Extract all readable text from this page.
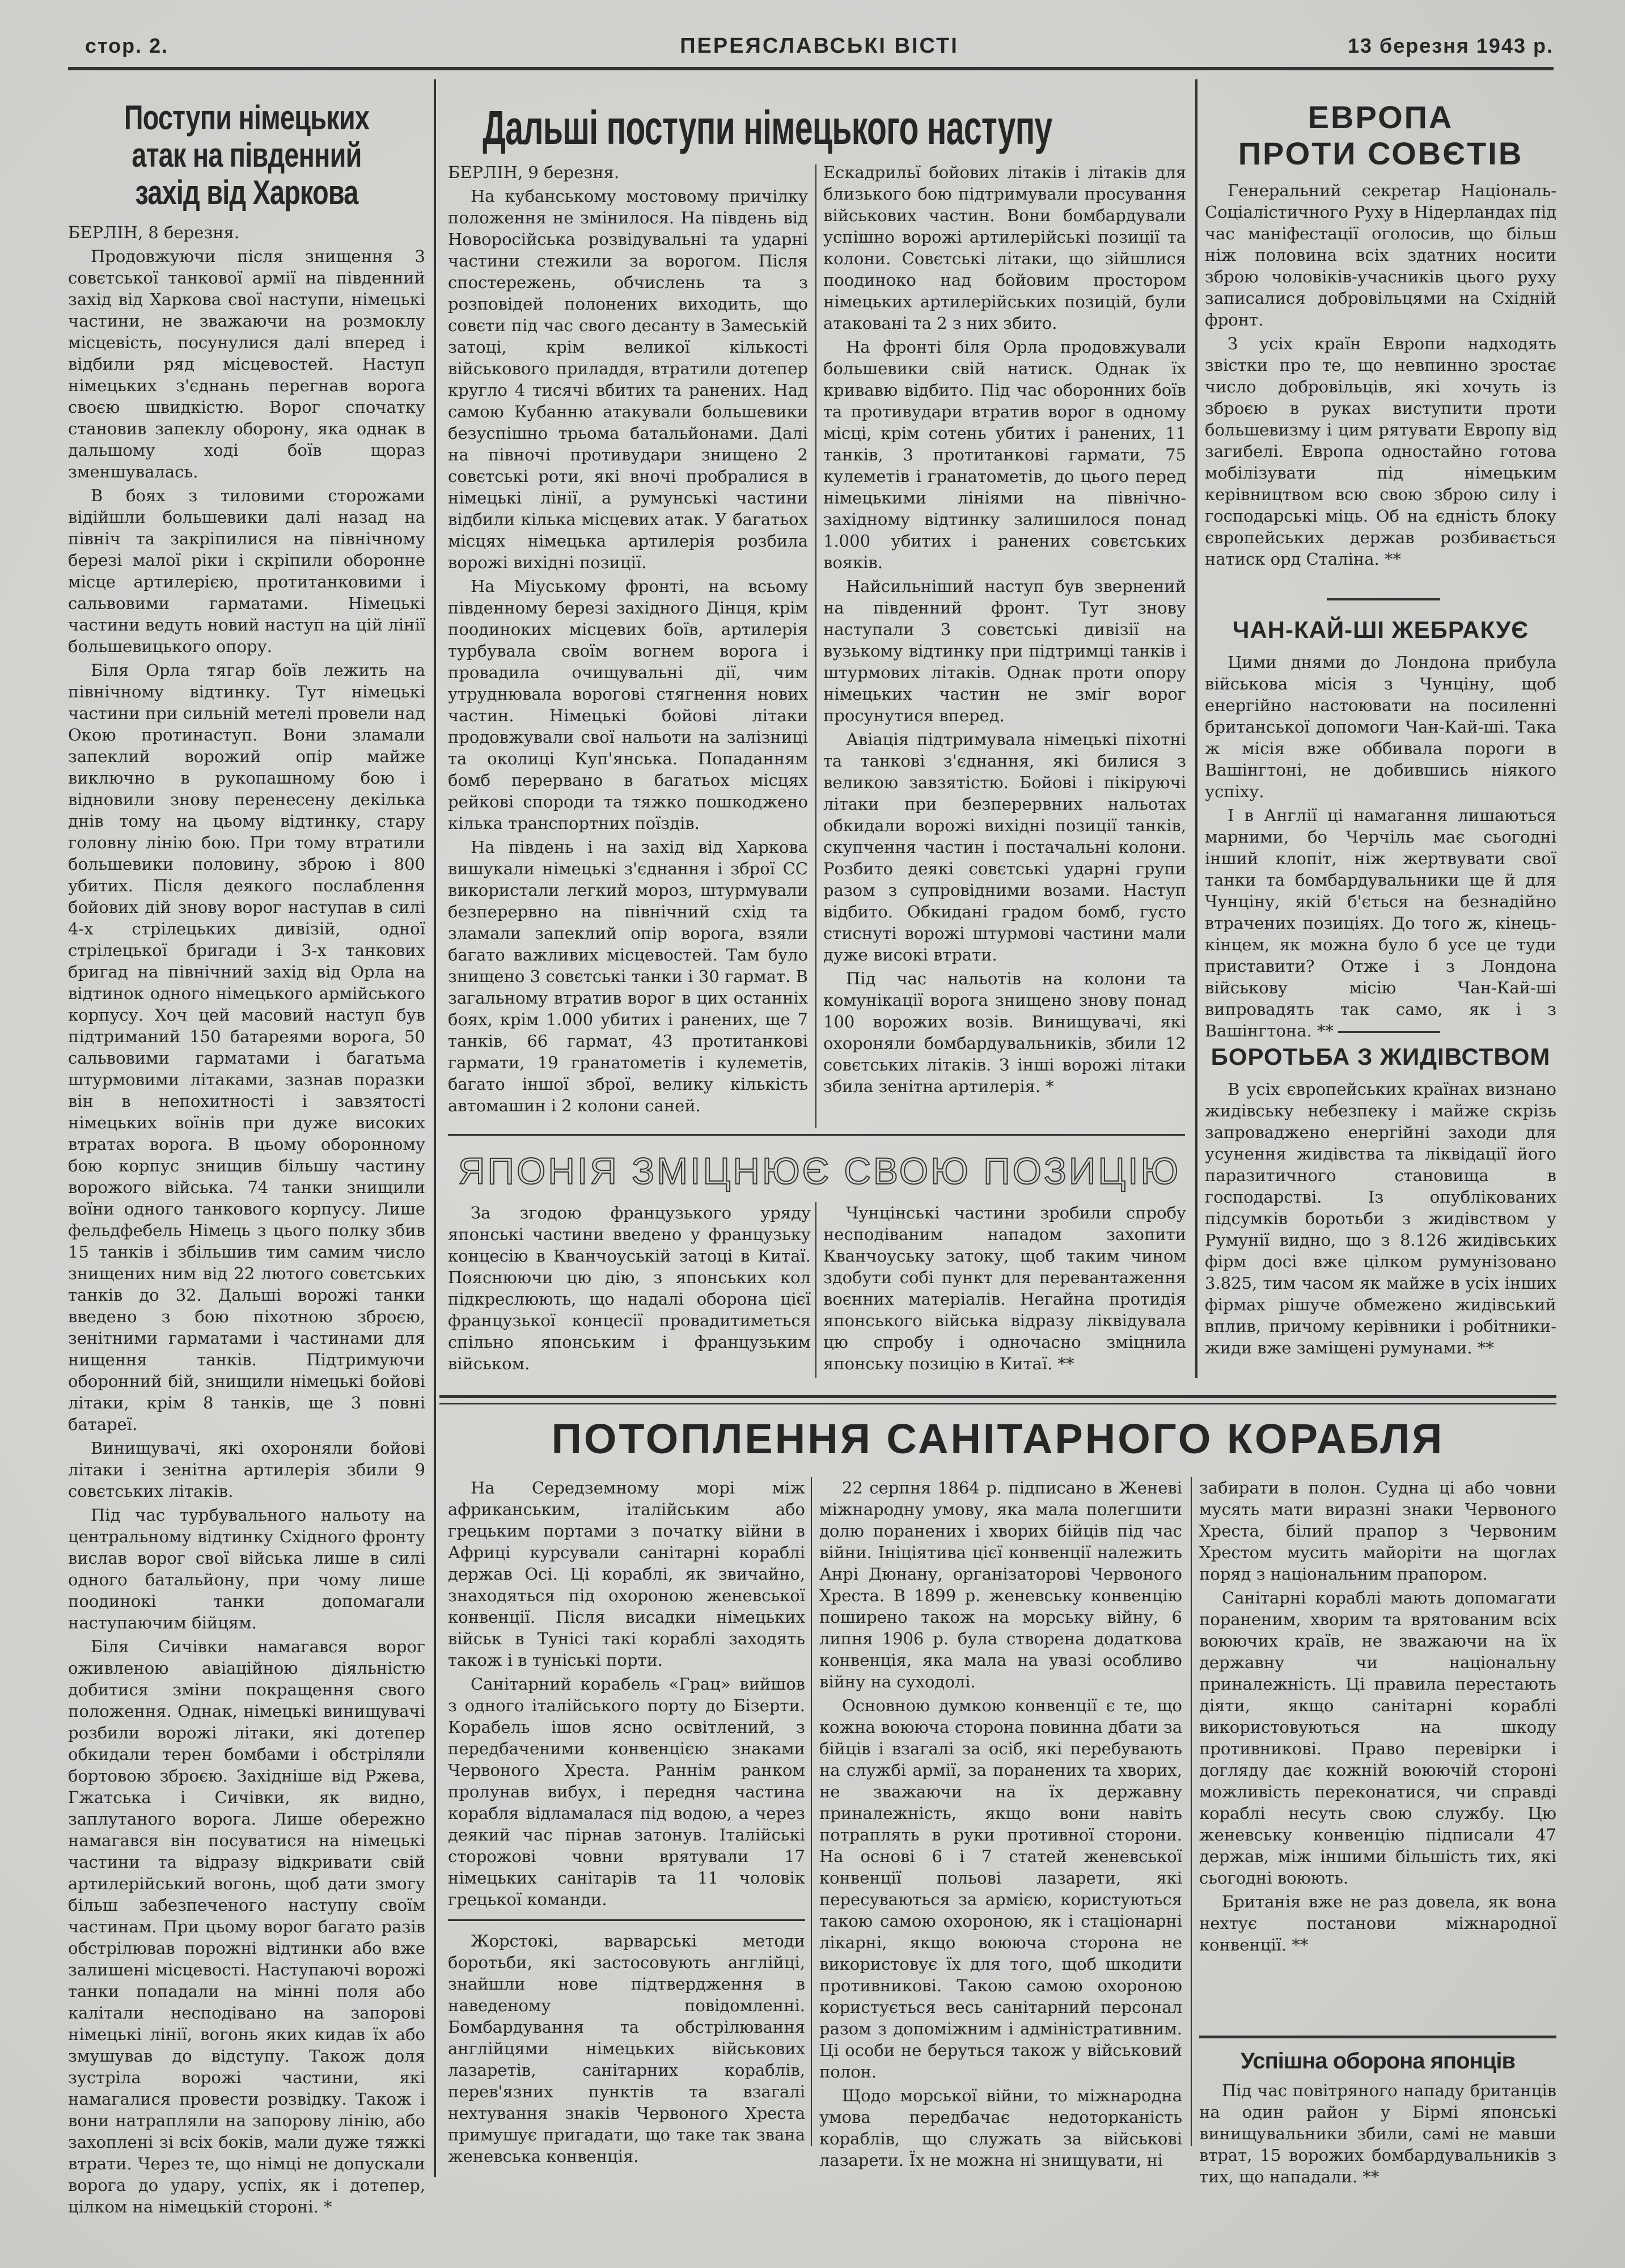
стор. 2.	ПЕРЕЯСЛАВСЬКІ ВІСТІ	13 березня 1943 р.
Поступи німецьких атак на південний захід від Харкова

БЕРЛІН, 8 березня.

Продовжуючи після знищення 3 совєтської танкової армії на південний захід від Харкова свої наступи, німецькі частини, не зважаючи на розмоклу місцевість, посунулися далі вперед і відбили ряд місцевостей. Наступ німецьких з'єднань перегнав ворога своєю швидкістю. Ворог спочатку становив запеклу оборону, яка однак в дальшому ході боїв щораз зменшувалась.

В боях з тиловими сторожами відійшли большевики далі назад на північ та закріпилися на північному березі малої ріки і скріпили оборонне місце артилерією, протитанковими і сальвовими гарматами. Німецькі частини ведуть новий наступ на цій лінії большевицького опору.

Біля Орла тягар боїв лежить на північному відтинку. Тут німецькі частини при сильній метелі провели над Окою протинаступ. Вони зламали запеклий ворожий опір майже виключно в рукопашному бою і відновили знову перенесену декілька днів тому на цьому відтинку, стару головну лінію бою. При тому втратили большевики половину, зброю і 800 убитих. Після деякого послаблення бойових дій знову ворог наступав в силі 4-х стрілецьких дивізій, одної стрілецької бригади і 3-х танкових бригад на північний захід від Орла на відтинок одного німецького армійського корпусу. Хоч цей масовий наступ був підтриманий 150 батареями ворога, 50 сальвовими гарматами і багатьма штурмовими літаками, зазнав поразки він в непохитності і завзятості німецьких воїнів при дуже високих втратах ворога. В цьому оборонному бою корпус знищив більшу частину ворожого війська. 74 танки знищили воїни одного танкового корпусу. Лише фельдфебель Німець з цього полку збив 15 танків і збільшив тим самим число знищених ним від 22 лютого совєтських танків до 32. Дальші ворожі танки введено з бою піхотною зброєю, зенітними гарматами і частинами для нищення танків. Підтримуючи оборонний бій, знищили німецькі бойові літаки, крім 8 танків, ще 3 повні батареї.

Винищувачі, які охороняли бойові літаки і зенітна артилерія збили 9 совєтських літаків.

Під час турбувального нальоту на центральному відтинку Східного фронту вислав ворог свої війська лише в силі одного батальйону, при чому лише поодинокі танки допомагали наступаючим бійцям.

Біля Сичівки намагався ворог оживленою авіаційною діяльністю добитися зміни покращення свого положення. Однак, німецькі винищувачі розбили ворожі літаки, які дотепер обкидали терен бомбами і обстріляли бортовою зброєю. Західніше від Ржева, Гжатська і Сичівки, як видно, заплутаного ворога. Лише обережно намагався він посуватися на німецькі частини та відразу відкривати свій артилерійський вогонь, щоб дати змогу більш забезпеченого наступу своїм частинам. При цьому ворог багато разів обстрілював порожні відтинки або вже залишені місцевості. Наступаючі ворожі танки попадали на мінні поля або калітали несподівано на запорові німецькі лінії, вогонь яких кидав їх або змушував до відступу. Також доля зустріла ворожі частини, які намагалися провести розвідку. Також і вони натрапляли на запорову лінію, або захоплені зі всіх боків, мали дуже тяжкі втрати. Через те, що німці не допускали ворога до удару, успіх, як і дотепер, цілком на німецькій стороні. *

Дальші поступи німецького наступу

БЕРЛІН, 9 березня.

На кубанському мостовому причілку положення не змінилося. На південь від Новоросійська розвідувальні та ударні частини стежили за ворогом. Після спостережень, обчислень та з розповідей полонених виходить, що совєти під час свого десанту в Замеській затоці, крім великої кількості військового приладдя, втратили дотепер кругло 4 тисячі вбитих та ранених. Над самою Кубанню атакували большевики безуспішно трьома батальйонами. Далі на півночі противудари знищено 2 совєтські роти, які вночі пробралися в німецькі лінії, а румунські частини відбили кілька місцевих атак. У багатьох місцях німецька артилерія розбила ворожі вихідні позиції.

На Міуському фронті, на всьому південному березі західного Дінця, крім поодиноких місцевих боїв, артилерія турбувала своїм вогнем ворога і провадила очищувальні дії, чим утруднювала ворогові стягнення нових частин. Німецькі бойові літаки продовжували свої нальоти на залізниці та околиці Куп'янська. Попаданням бомб перервано в багатьох місцях рейкові спороди та тяжко пошкоджено кілька транспортних поїздів.

На південь і на захід від Харкова вишукали німецькі з'єднання і зброї СС використали легкий мороз, штурмували безперервно на північний схід та зламали запеклий опір ворога, взяли багато важливих місцевостей. Там було знищено 3 совєтські танки і 30 гармат. В загальному втратив ворог в цих останніх боях, крім 1.000 убитих і ранених, ще 7 танків, 66 гармат, 43 протитанкові гармати, 19 гранатометів і кулеметів, багато іншої зброї, велику кількість автомашин і 2 колони саней.

Ескадрильї бойових літаків і літаків для близького бою підтримували просування військових частин. Вони бомбардували успішно ворожі артилерійські позиції та колони. Совєтські літаки, що зійшлися поодиноко над бойовим простором німецьких артилерійських позицій, були атаковані та 2 з них збито.

На фронті біля Орла продовжували большевики свій натиск. Однак їх кривавю відбито. Під час оборонних боїв та противудари втратив ворог в одному місці, крім сотень убитих і ранених, 11 танків, 3 протитанкові гармати, 75 кулеметів і гранатометів, до цього перед німецькими лініями на північно-західному відтинку залишилося понад 1.000 убитих і ранених совєтських вояків.

Найсильніший наступ був звернений на південний фронт. Тут знову наступали 3 совєтські дивізії на вузькому відтинку при підтримці танків і штурмових літаків. Однак проти опору німецьких частин не зміг ворог просунутися вперед.

Авіація підтримувала німецькі піхотні та танкові з'єднання, які билися з великою завзятістю. Бойові і пікіруючі літаки при безперервних нальотах обкидали ворожі вихідні позиції танків, скупчення частин і постачальні колони. Розбито деякі совєтські ударні групи разом з супровідними возами. Наступ відбито. Обкидані градом бомб, густо стиснуті ворожі штурмові частини мали дуже високі втрати.

Під час нальотів на колони та комунікації ворога знищено знову понад 100 ворожих возів. Винищувачі, які охороняли бомбардувальників, збили 12 совєтських літаків. З інші ворожі літаки збила зенітна артилерія. *

ЕВРОПА
ПРОТИ СОВЄТІВ

Генеральний секретар Національ-Соціалістичного Руху в Нідерландах під час маніфестації оголосив, що більш ніж половина всіх здатних носити зброю чоловіків-учасників цього руху записалися добровільцями на Східній фронт.

З усіх країн Европи надходять звістки про те, що невпинно зростає число добровільців, які хочуть із зброєю в руках виступити проти большевизму і цим рятувати Европу від загибелі. Европа одностайно готова мобілізувати під німецьким керівництвом всю свою зброю силу і господарські міць. Об на єдність блоку європейських держав розбивається натиск орд Сталіна. **

ЧАН-КАЙ-ШІ ЖЕБРАКУЄ

Цими днями до Лондона прибула військова місія з Чунціну, щоб енергійно настоювати на посиленні британської допомоги Чан-Кай-ші. Така ж місія вже оббивала пороги в Вашінгтоні, не добившись ніякого успіху.

І в Англії ці намагання лишаються марними, бо Черчіль має сьогодні інший клопіт, ніж жертвувати свої танки та бомбардувальники ще й для Чунціну, якій б'ється на безнадійно втрачених позиціях. До того ж, кінець-кінцем, як можна було б усе це туди приставити? Отже і з Лондона військову місію Чан-Кай-ші випровадять так само, як і з Вашінгтона. **

БОРОТЬБА З ЖИДІВСТВОМ

В усіх європейських країнах визнано жидівську небезпеку і майже скрізь запроваджено енергійні заходи для усунення жидівства та ліквідації його паразитичного становища в господарстві. Із опублікованих підсумків боротьби з жидівством у Румунії видно, що з 8.126 жидівських фірм досі вже цілком румунізовано 3.825, тим часом як майже в усіх інших фірмах рішуче обмежено жидівський вплив, причому керівники і робітники-жиди вже заміщені румунами. **

ЯПОНІЯ ЗМІЦНЮЄ СВОЮ ПОЗИЦІЮ

За згодою французького уряду японські частини введено у французьку концесію в Кванчоуській затоці в Китаї. Пояснюючи цю дію, з японських кол підкреслюють, що надалі оборона цієї французької концесії провадитиметься спільно японським і французьким військом.

Чунцінські частини зробили спробу несподіваним нападом захопити Кванчоуську затоку, щоб таким чином здобути собі пункт для перевантаження воєнних матеріалів. Негайна протидія японського війська відразу ліквідувала цю спробу і одночасно зміцнила японську позицію в Китаї. **

ПОТОПЛЕННЯ САНІТАРНОГО КОРАБЛЯ

На Середземному морі між африканським, італійським або грецьким портами з початку війни в Африці курсували санітарні кораблі держав Осі. Ці кораблі, як звичайно, знаходяться під охороною женевської конвенції. Після висадки німецьких військ в Тунісі такі кораблі заходять також і в туніські порти.

Санітарний корабель «Грац» вийшов з одного італійського порту до Бізерти. Корабель ішов ясно освітлений, з передбаченими конвенцією знаками Червоного Хреста. Раннім ранком пролунав вибух, і передня частина корабля відламалася під водою, а через деякий час пірнав затонув. Італійські сторожові човни врятували 17 німецьких санітарів та 11 чоловік грецької команди.

Жорстокі, варварські методи боротьби, які застосовують англійці, знайшли нове підтвердження в наведеному повідомленні. Бомбардування та обстрілювання англійцями німецьких військових лазаретів, санітарних кораблів, перев'язних пунктів та взагалі нехтування знаків Червоного Хреста примушує пригадати, що таке так звана женевська конвенція.

22 серпня 1864 р. підписано в Женеві міжнародну умову, яка мала полегшити долю поранених і хворих бійців під час війни. Ініціятива цієї конвенції належить Анрі Дюнану, організаторові Червоного Хреста. В 1899 р. женевську конвенцію поширено також на морську війну, 6 липня 1906 р. була створена додаткова конвенція, яка мала на увазі особливо війну на суходолі.

Основною думкою конвенції є те, що кожна воююча сторона повинна дбати за бійців і взагалі за осіб, які перебувають на службі армії, за поранених та хворих, не зважаючи на їх державну приналежність, якщо вони навіть потраплять в руки противної сторони. На основі 6 і 7 статей женевської конвенції польові лазарети, які пересуваються за армією, користуються такою самою охороною, як і стаціонарні лікарні, якщо воююча сторона не використовує їх для того, щоб шкодити противникові. Такою самою охороною користується весь санітарний персонал разом з допоміжним і адміністративним. Ці особи не беруться також у військовий полон.

Щодо морської війни, то міжнародна умова передбачає недоторканість кораблів, що служать за військові лазарети. Їх не можна ні знищувати, ні

забирати в полон. Судна ці або човни мусять мати виразні знаки Червоного Хреста, білий прапор з Червоним Хрестом мусить майоріти на щоглах поряд з національним прапором.

Санітарні кораблі мають допомагати пораненим, хворим та врятованим всіх воюючих країв, не зважаючи на їх державну чи національну приналежність. Ці правила перестають діяти, якщо санітарні кораблі використовуються на шкоду противникові. Право перевірки і догляду дає кожній воюючій стороні можливість переконатися, чи справді кораблі несуть свою службу. Цю женевську конвенцію підписали 47 держав, між іншими більшість тих, які сьогодні воюють.

Британія вже не раз довела, як вона нехтує постанови міжнародної конвенції. **

Успішна оборона японців

Під час повітряного нападу британців на один район у Бірмі японські винищувальники збили, самі не мавши втрат, 15 ворожих бомбардувальників з тих, що нападали. **
